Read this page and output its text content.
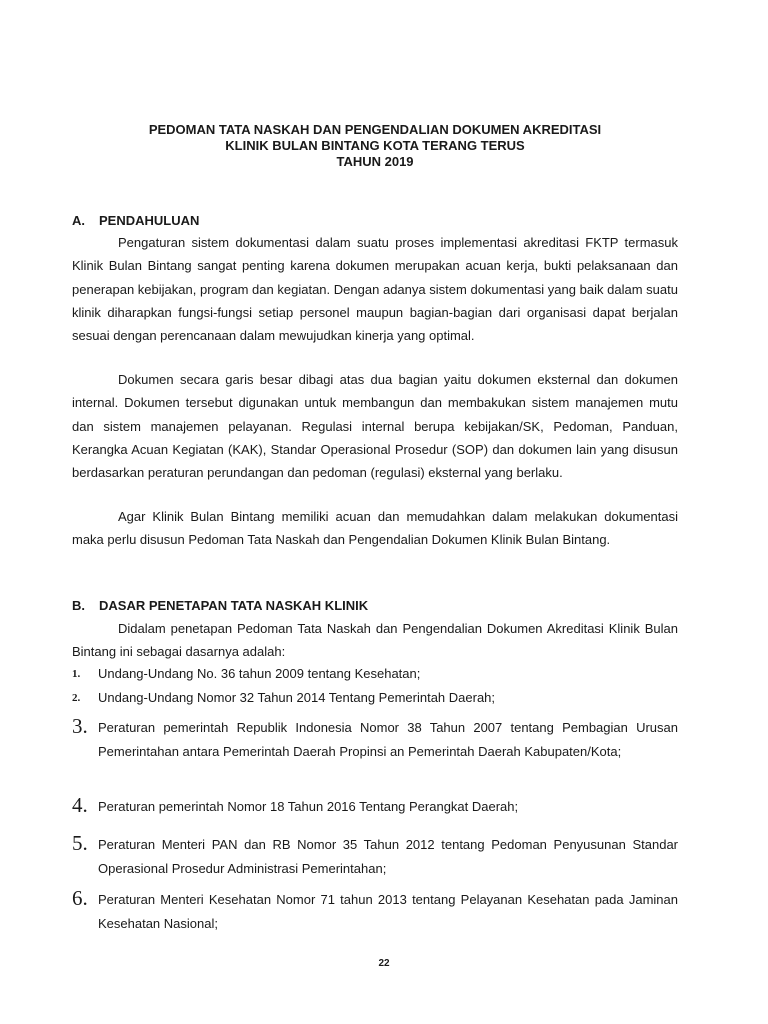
PEDOMAN TATA NASKAH DAN PENGENDALIAN DOKUMEN AKREDITASI
KLINIK BULAN BINTANG KOTA TERANG TERUS
TAHUN 2019
A. PENDAHULUAN

Pengaturan sistem dokumentasi dalam suatu proses implementasi akreditasi FKTP termasuk Klinik Bulan Bintang sangat penting karena dokumen merupakan acuan kerja, bukti pelaksanaan dan penerapan kebijakan, program dan kegiatan. Dengan adanya sistem dokumentasi yang baik dalam suatu klinik diharapkan fungsi-fungsi setiap personel maupun bagian-bagian dari organisasi dapat berjalan sesuai dengan perencanaan dalam mewujudkan kinerja yang optimal.

Dokumen secara garis besar dibagi atas dua bagian yaitu dokumen eksternal dan dokumen internal. Dokumen tersebut digunakan untuk membangun dan membakukan sistem manajemen mutu dan sistem manajemen pelayanan. Regulasi internal berupa kebijakan/SK, Pedoman, Panduan, Kerangka Acuan Kegiatan (KAK), Standar Operasional Prosedur (SOP) dan dokumen lain yang disusun berdasarkan peraturan perundangan dan pedoman (regulasi) eksternal yang berlaku.

Agar Klinik Bulan Bintang memiliki acuan dan memudahkan dalam melakukan dokumentasi maka perlu disusun Pedoman Tata Naskah dan Pengendalian Dokumen Klinik Bulan Bintang.

B. DASAR PENETAPAN TATA NASKAH KLINIK

Didalam penetapan Pedoman Tata Naskah dan Pengendalian Dokumen Akreditasi Klinik Bulan Bintang ini sebagai dasarnya adalah:

1. Undang-Undang No. 36 tahun 2009 tentang Kesehatan;
2. Undang-Undang Nomor 32 Tahun 2014 Tentang Pemerintah Daerah;
3. Peraturan pemerintah Republik Indonesia Nomor 38 Tahun 2007 tentang Pembagian Urusan Pemerintahan antara Pemerintah Daerah Propinsi an Pemerintah Daerah Kabupaten/Kota;
4. Peraturan pemerintah Nomor 18 Tahun 2016 Tentang Perangkat Daerah;
5. Peraturan Menteri PAN dan RB Nomor 35 Tahun 2012 tentang Pedoman Penyusunan Standar Operasional Prosedur Administrasi Pemerintahan;
6. Peraturan Menteri Kesehatan Nomor 71 tahun 2013 tentang Pelayanan Kesehatan pada Jaminan Kesehatan Nasional;
22
